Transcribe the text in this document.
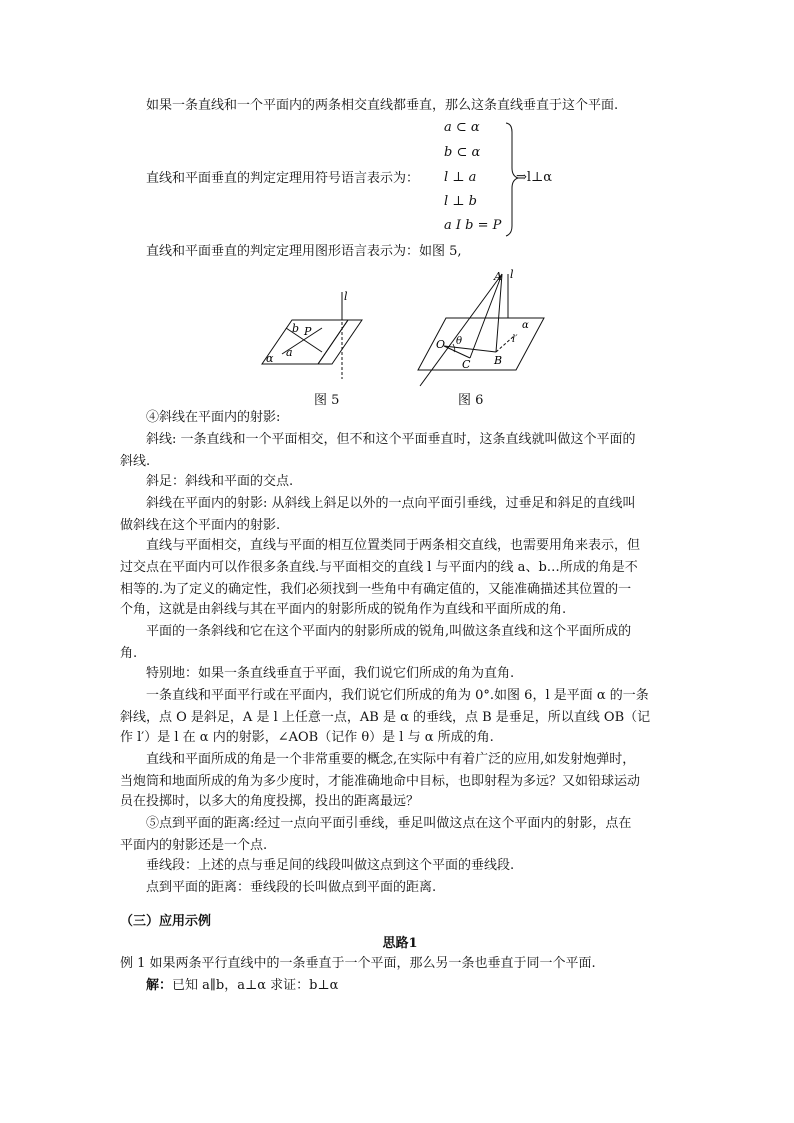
如果一条直线和一个平面内的两条相交直线都垂直，那么这条直线垂直于这个平面.
直线和平面垂直的判定定理用符号语言表示为：
a ⊂ α
b ⊂ α
l ⊥ a
l ⊥ b
a I b = P
⇒l⊥α
直线和平面垂直的判定定理用图形语言表示为：如图 5,
l
b P
a
α
图 5
A l
α
O θ	l′
C B
图 6
④斜线在平面内的射影:
斜线: 一条直线和一个平面相交，但不和这个平面垂直时，这条直线就叫做这个平面的
斜线.
斜足：斜线和平面的交点.
斜线在平面内的射影: 从斜线上斜足以外的一点向平面引垂线，过垂足和斜足的直线叫
做斜线在这个平面内的射影.
直线与平面相交，直线与平面的相互位置类同于两条相交直线，也需要用角来表示，但
过交点在平面内可以作很多条直线.与平面相交的直线 l 与平面内的线 a、b…所成的角是不
相等的.为了定义的确定性，我们必须找到一些角中有确定值的，又能准确描述其位置的一
个角，这就是由斜线与其在平面内的射影所成的锐角作为直线和平面所成的角.
平面的一条斜线和它在这个平面内的射影所成的锐角,叫做这条直线和这个平面所成的
角.
特别地：如果一条直线垂直于平面，我们说它们所成的角为直角.
一条直线和平面平行或在平面内，我们说它们所成的角为 0°.如图 6，l 是平面 α 的一条
斜线，点 O 是斜足，A 是 l 上任意一点，AB 是 α 的垂线，点 B 是垂足，所以直线 OB（记
作 l′）是 l 在 α 内的射影，∠AOB（记作 θ）是 l 与 α 所成的角.
直线和平面所成的角是一个非常重要的概念,在实际中有着广泛的应用,如发射炮弹时，
当炮筒和地面所成的角为多少度时，才能准确地命中目标，也即射程为多远？又如铅球运动
员在投掷时，以多大的角度投掷，投出的距离最远？
⑤点到平面的距离:经过一点向平面引垂线，垂足叫做这点在这个平面内的射影，点在
平面内的射影还是一个点.
垂线段：上述的点与垂足间的线段叫做这点到这个平面的垂线段.
点到平面的距离：垂线段的长叫做点到平面的距离.
（三）应用示例
思路1
例 1 如果两条平行直线中的一条垂直于一个平面，那么另一条也垂直于同一个平面.
解：已知 a∥b，a⊥α 求证：b⊥α
